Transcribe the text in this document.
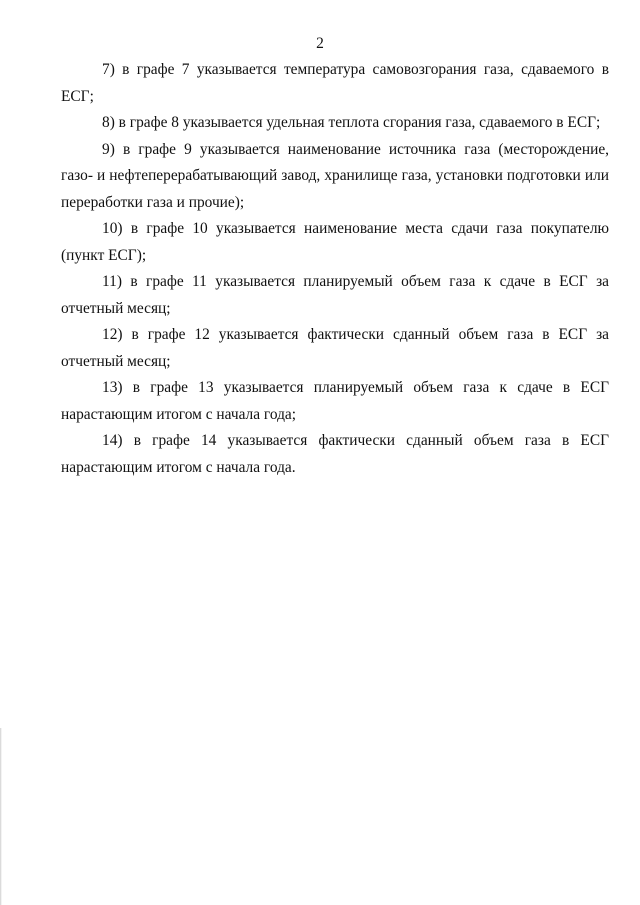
2

7) в графе 7 указывается температура самовозгорания газа, сдаваемого в ЕСГ;

8) в графе 8 указывается удельная теплота сгорания газа, сдаваемого в ЕСГ;

9) в графе 9 указывается наименование источника газа (месторождение, газо- и нефтеперерабатывающий завод, хранилище газа, установки подготовки или переработки газа и прочие);

10) в графе 10 указывается наименование места сдачи газа покупателю (пункт ЕСГ);

11) в графе 11 указывается планируемый объем газа к сдаче в ЕСГ за отчетный месяц;

12) в графе 12 указывается фактически сданный объем газа в ЕСГ за отчетный месяц;

13) в графе 13 указывается планируемый объем газа к сдаче в ЕСГ нарастающим итогом с начала года;

14) в графе 14 указывается фактически сданный объем газа в ЕСГ нарастающим итогом с начала года.
